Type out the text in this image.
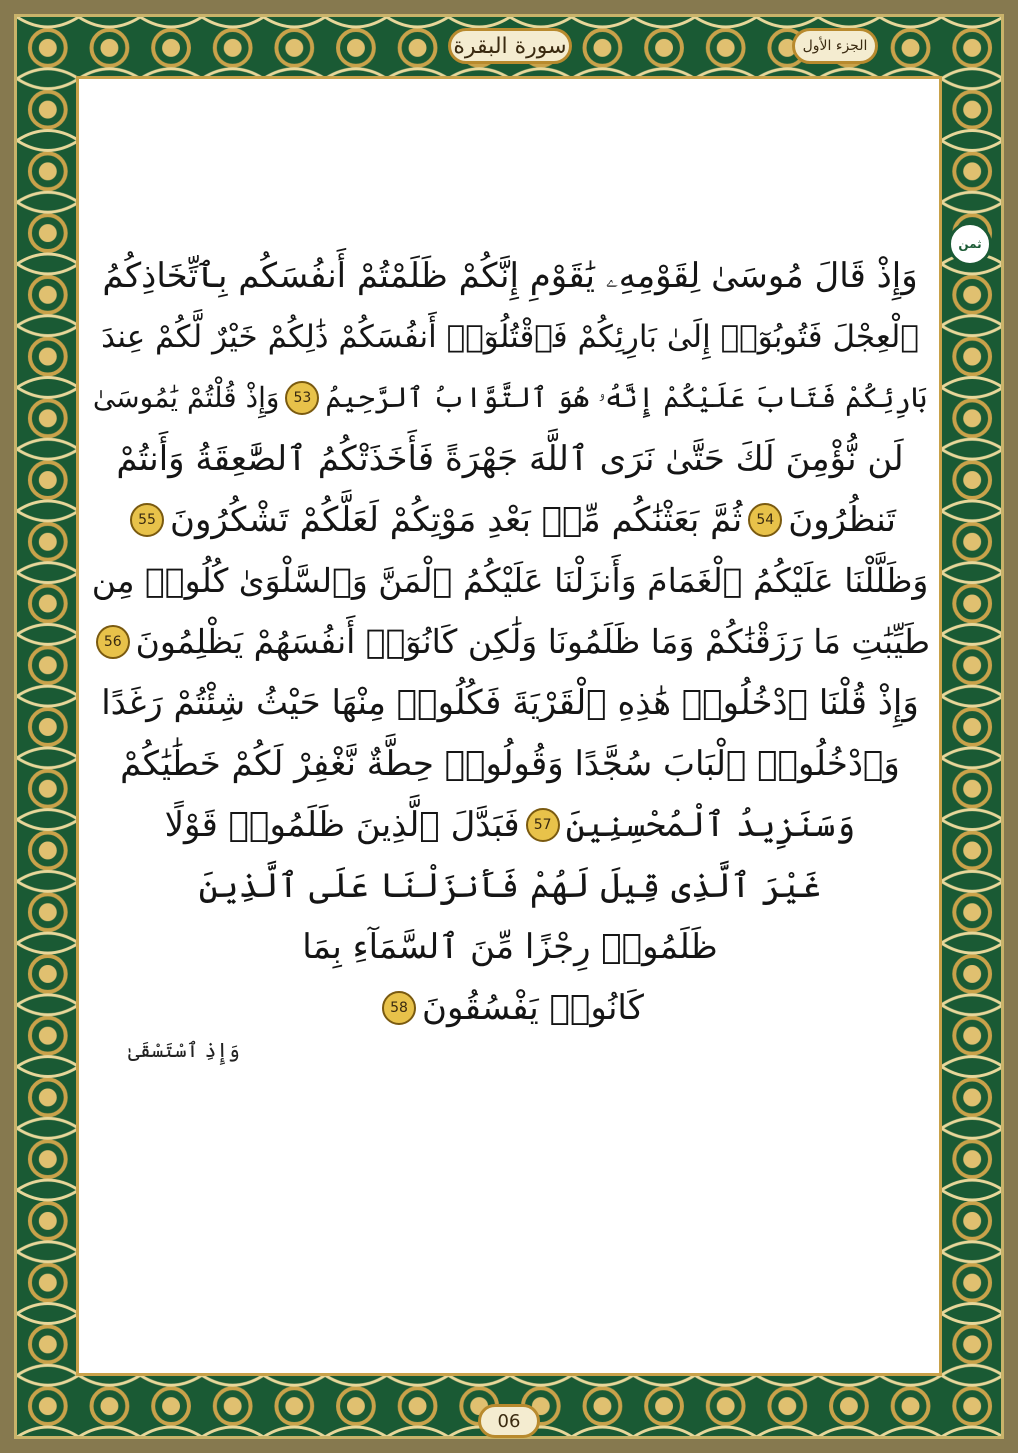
الجزء الأول
سورة البقرة
ثمن
وَإِذْ قَالَ مُوسَىٰ لِقَوْمِهِۦ يَٰقَوْمِ إِنَّكُمْ ظَلَمْتُمْ أَنفُسَكُم بِٱتِّخَاذِكُمُ
ٱلْعِجْلَ فَتُوبُوٓا۟ إِلَىٰ بَارِئِكُمْ فَٱقْتُلُوٓا۟ أَنفُسَكُمْ ذَٰلِكُمْ خَيْرٌ لَّكُمْ عِندَ
بَارِئِكُمْ فَتَابَ عَلَيْكُمْ إِنَّهُۥ هُوَ ٱلتَّوَّابُ ٱلرَّحِيمُ
53
وَإِذْ قُلْتُمْ يَٰمُوسَىٰ
لَن نُّؤْمِنَ لَكَ حَتَّىٰ نَرَى ٱللَّهَ جَهْرَةً فَأَخَذَتْكُمُ ٱلصَّٰعِقَةُ وَأَنتُمْ
تَنظُرُونَ
54
ثُمَّ بَعَثْنَٰكُم مِّنۢ بَعْدِ مَوْتِكُمْ لَعَلَّكُمْ تَشْكُرُونَ
55
وَظَلَّلْنَا عَلَيْكُمُ ٱلْغَمَامَ وَأَنزَلْنَا عَلَيْكُمُ ٱلْمَنَّ وَٱلسَّلْوَىٰ كُلُوا۟ مِن
طَيِّبَٰتِ مَا رَزَقْنَٰكُمْ وَمَا ظَلَمُونَا وَلَٰكِن كَانُوٓا۟ أَنفُسَهُمْ يَظْلِمُونَ
56
وَإِذْ قُلْنَا ٱدْخُلُوا۟ هَٰذِهِ ٱلْقَرْيَةَ فَكُلُوا۟ مِنْهَا حَيْثُ شِئْتُمْ رَغَدًا
وَٱدْخُلُوا۟ ٱلْبَابَ سُجَّدًا وَقُولُوا۟ حِطَّةٌ نَّغْفِرْ لَكُمْ خَطَٰيَٰكُمْ
وَسَنَزِيدُ ٱلْمُحْسِنِينَ
57
فَبَدَّلَ ٱلَّذِينَ ظَلَمُوا۟ قَوْلًا
غَيْرَ ٱلَّذِى قِيلَ لَهُمْ فَأَنزَلْنَا عَلَى ٱلَّذِينَ
ظَلَمُوا۟ رِجْزًا مِّنَ ٱلسَّمَآءِ بِمَا
كَانُوا۟ يَفْسُقُونَ
58
وَإِذِ ٱسْتَسْقَىٰ
06
